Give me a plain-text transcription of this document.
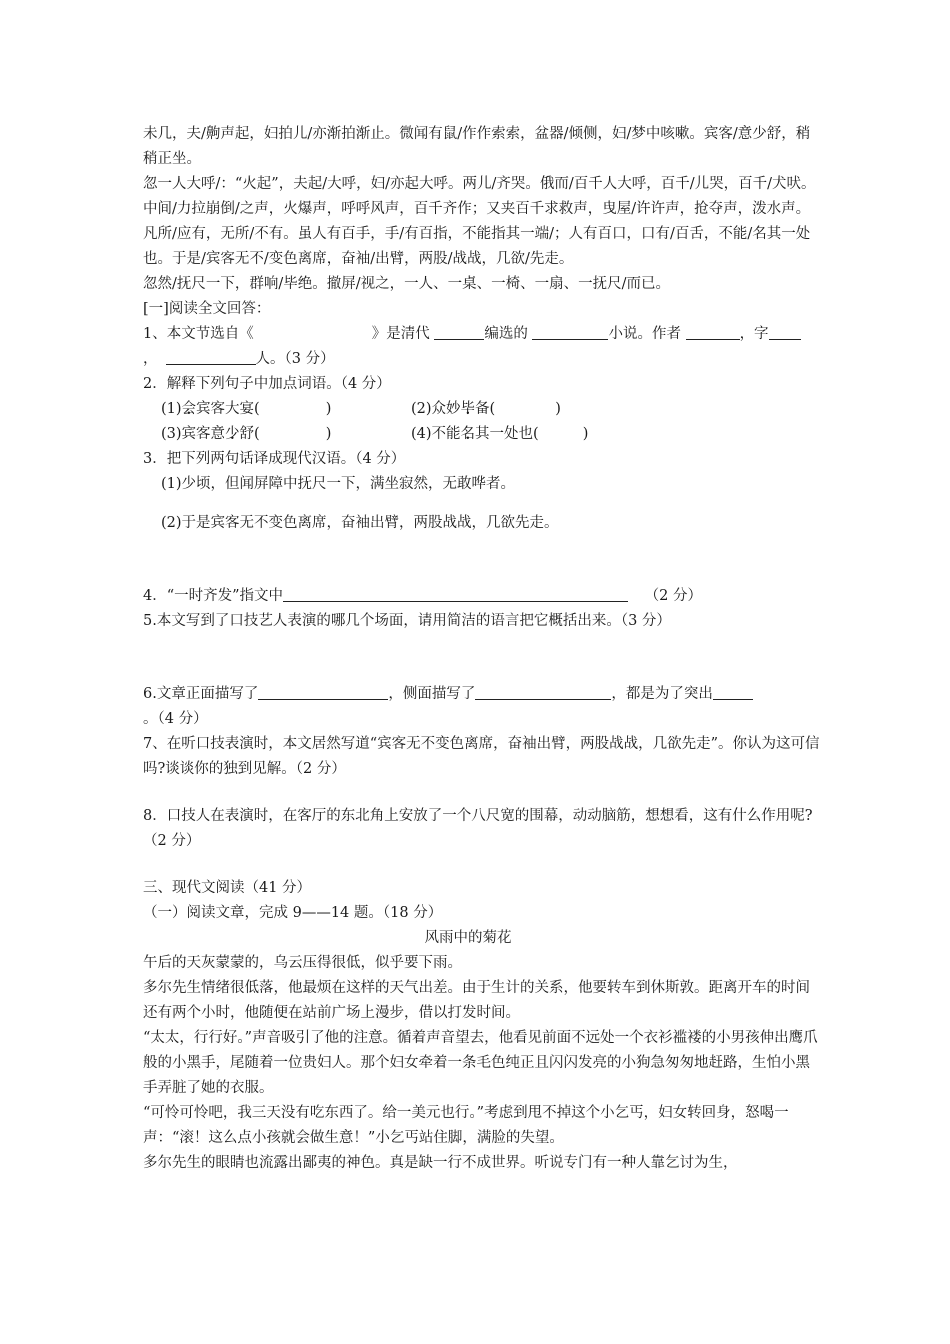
未几，夫/齁声起，妇拍儿/亦渐拍渐止。微闻有鼠/作作索索，盆器/倾侧，妇/梦中咳嗽。宾客/意少舒，稍稍正坐。

忽一人大呼/：“火起”，夫起/大呼，妇/亦起大呼。两儿/齐哭。俄而/百千人大呼，百千/儿哭，百千/犬吠。中间/力拉崩倒/之声，火爆声，呼呼风声，百千齐作；又夹百千求救声，曳屋/许许声，抢夺声，泼水声。凡所/应有，无所/不有。虽人有百手，手/有百指，不能指其一端/；人有百口，口有/百舌，不能/名其一处也。于是/宾客无不/变色离席，奋袖/出臂，两股/战战，几欲/先走。

忽然/抚尺一下，群响/毕绝。撤屏/视之，一人、一桌、一椅、一扇、一抚尺/而已。

[一]阅读全文回答：

1、本文节选自《	》是清代	编选的	小说。作者	，字

，	人。（3 分）

2．解释下列句子中加点词语。（4 分）

(1)会宾客大宴(	)	(2)众妙毕备(	)

(3)宾客意少舒(	)	(4)不能名其一处也(	)

3．把下列两句话译成现代汉语。（4 分）

(1)少顷，但闻屏障中抚尺一下，满坐寂然，无敢哗者。

(2)于是宾客无不变色离席，奋袖出臂，两股战战，几欲先走。

4．“一时齐发”指文中	（2 分）

5.本文写到了口技艺人表演的哪几个场面，请用简洁的语言把它概括出来。（3 分）

6.文章正面描写了	，侧面描写了	，都是为了突出

。（4 分）

7、在听口技表演时，本文居然写道“宾客无不变色离席，奋袖出臂，两股战战，几欲先走”。你认为这可信吗?谈谈你的独到见解。（2 分）

8．口技人在表演时，在客厅的东北角上安放了一个八尺宽的围幕，动动脑筋，想想看，这有什么作用呢?（2 分）

三、现代文阅读（41 分）

（一）阅读文章，完成 9——14 题。（18 分）

风雨中的菊花

午后的天灰蒙蒙的，乌云压得很低，似乎要下雨。

多尔先生情绪很低落，他最烦在这样的天气出差。由于生计的关系，他要转车到休斯敦。距离开车的时间还有两个小时，他随便在站前广场上漫步，借以打发时间。

“太太，行行好。”声音吸引了他的注意。循着声音望去，他看见前面不远处一个衣衫褴褛的小男孩伸出鹰爪般的小黑手，尾随着一位贵妇人。那个妇女牵着一条毛色纯正且闪闪发亮的小狗急匆匆地赶路，生怕小黑手弄脏了她的衣服。

“可怜可怜吧，我三天没有吃东西了。给一美元也行。”考虑到甩不掉这个小乞丐，妇女转回身，怒喝一声：“滚！这么点小孩就会做生意！”小乞丐站住脚，满脸的失望。

多尔先生的眼睛也流露出鄙夷的神色。真是缺一行不成世界。听说专门有一种人靠乞讨为生，
